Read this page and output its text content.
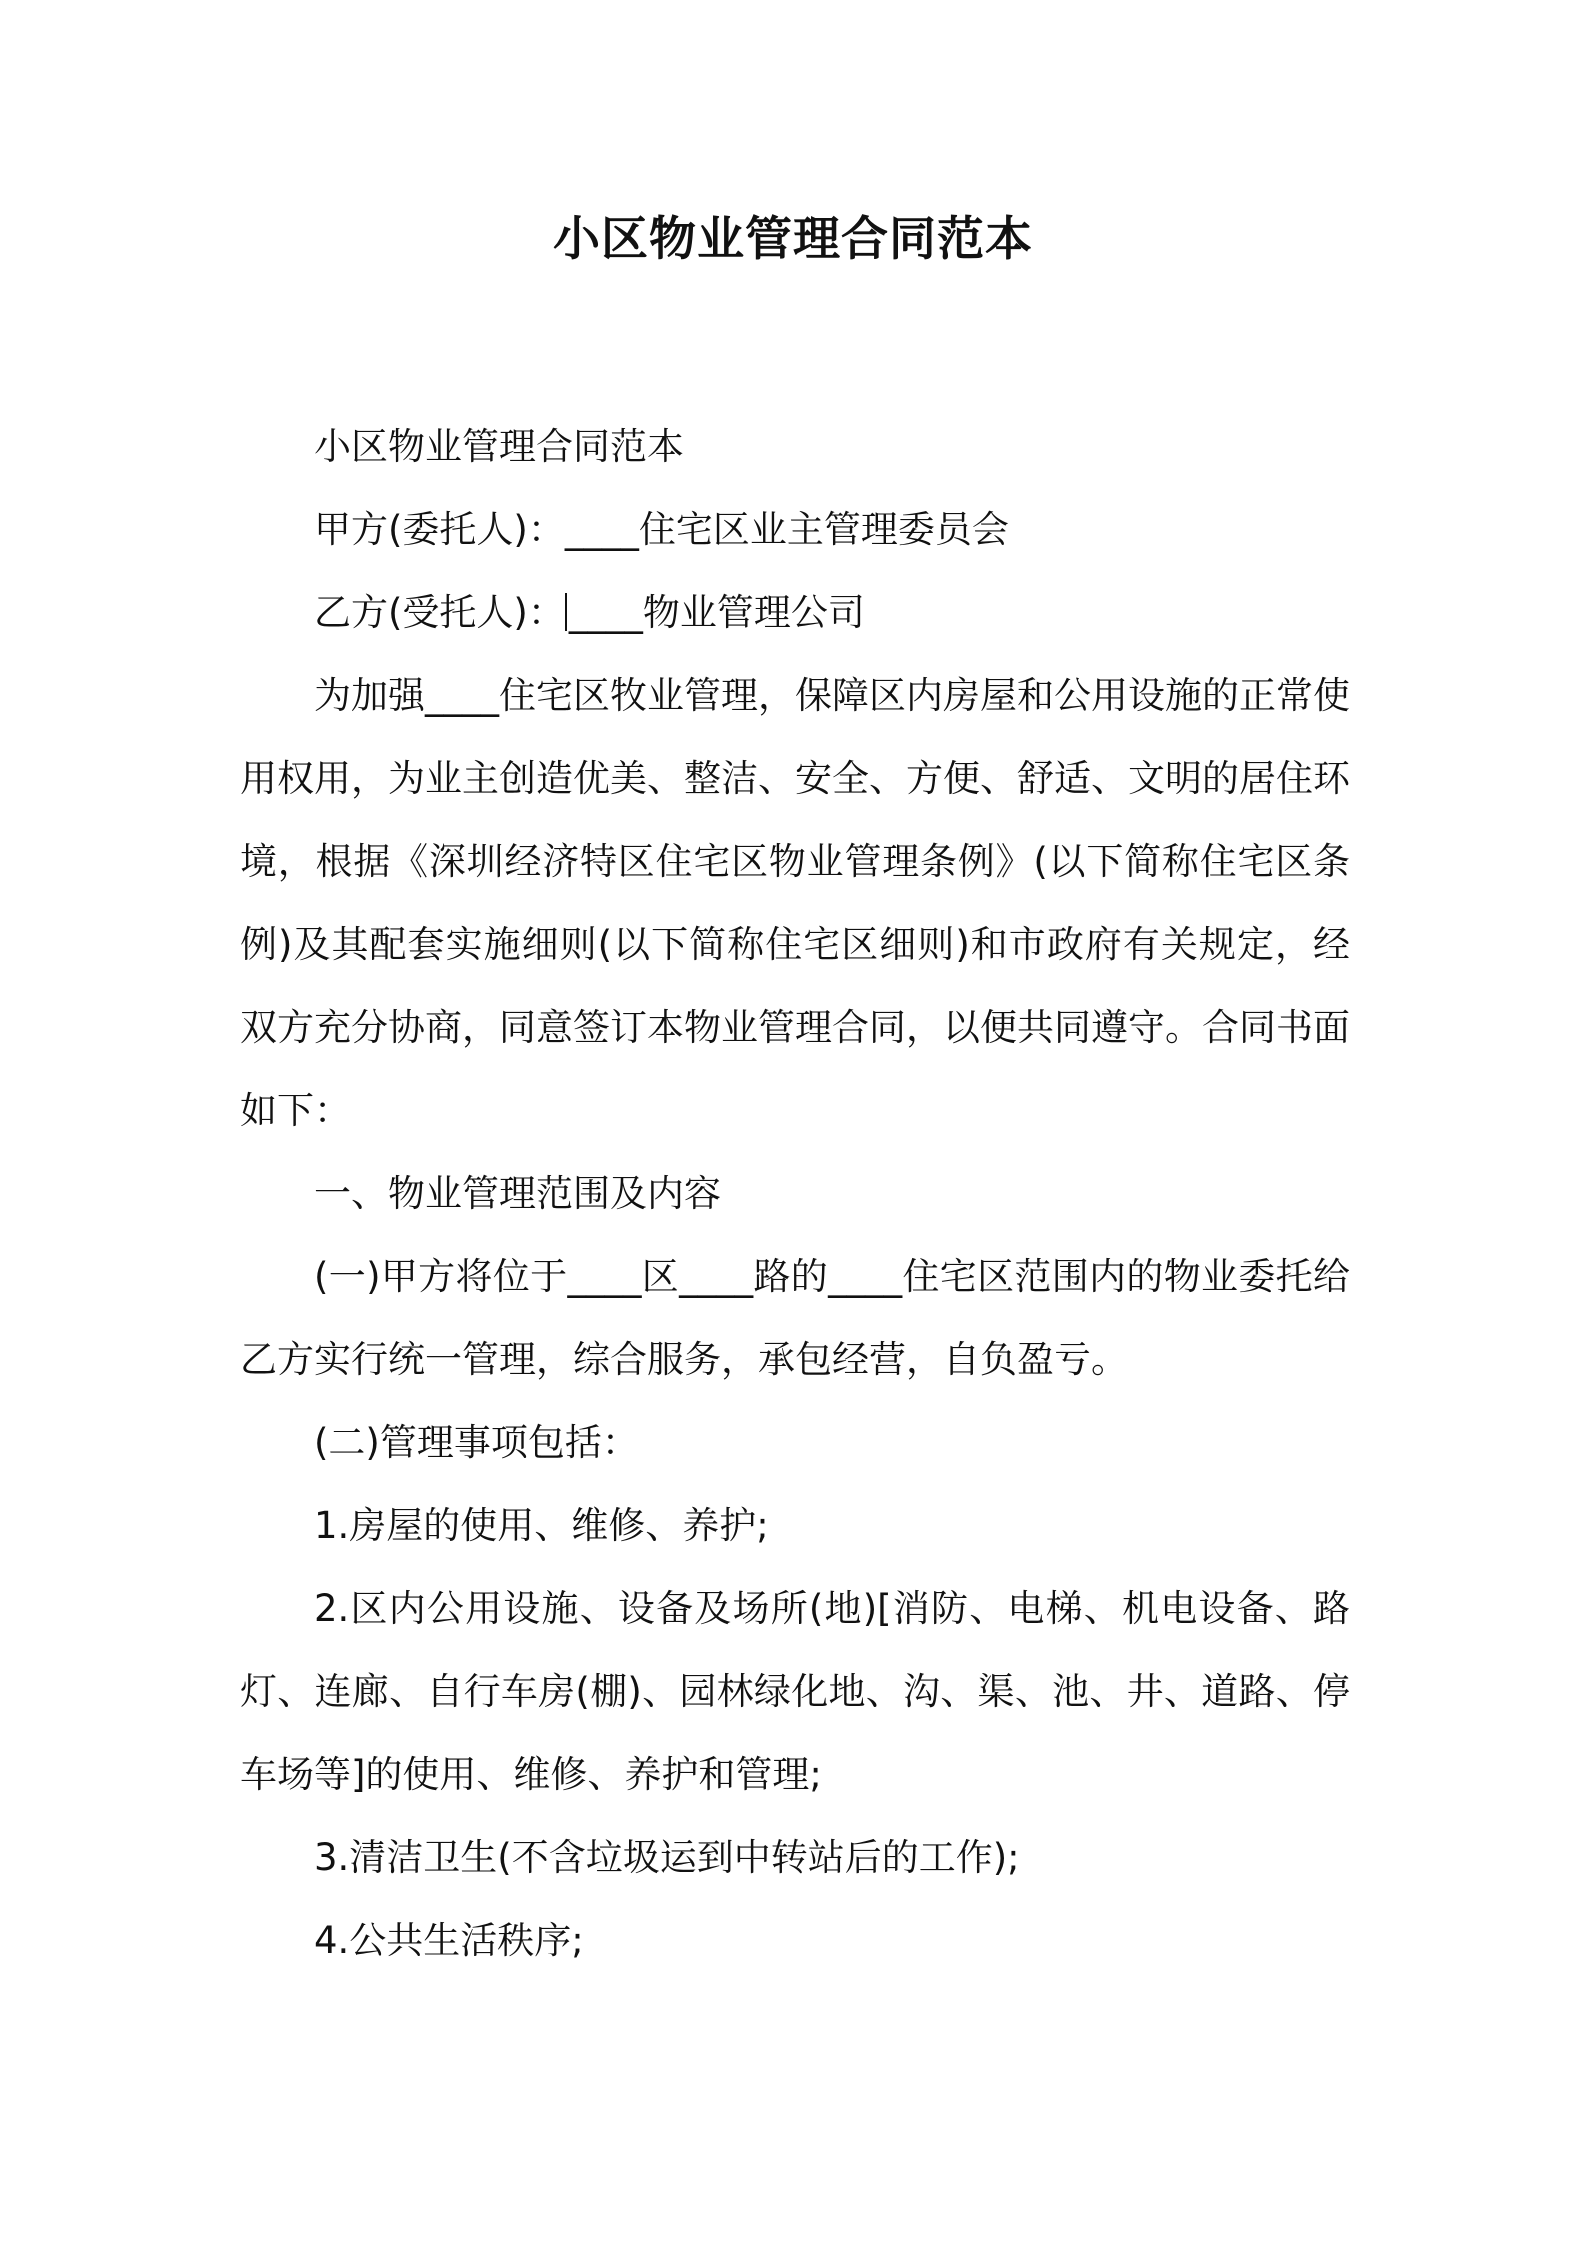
小区物业管理合同范本

小区物业管理合同范本

甲方(委托人)：____住宅区业主管理委员会

乙方(受托人)： ____物业管理公司

为加强____住宅区牧业管理，保障区内房屋和公用设施的正常使用权用，为业主创造优美、整洁、安全、方便、舒适、文明的居住环境，根据《深圳经济特区住宅区物业管理条例》(以下简称住宅区条例)及其配套实施细则(以下简称住宅区细则)和市政府有关规定，经双方充分协商，同意签订本物业管理合同，以便共同遵守。合同书面如下：

一、物业管理范围及内容

(一)甲方将位于____区____路的____住宅区范围内的物业委托给乙方实行统一管理，综合服务，承包经营，自负盈亏。

(二)管理事项包括：

1.房屋的使用、维修、养护;

2.区内公用设施、设备及场所(地)[消防、电梯、机电设备、路灯、连廊、自行车房(棚)、园林绿化地、沟、渠、池、井、道路、停车场等]的使用、维修、养护和管理;

3.清洁卫生(不含垃圾运到中转站后的工作);

4.公共生活秩序;
